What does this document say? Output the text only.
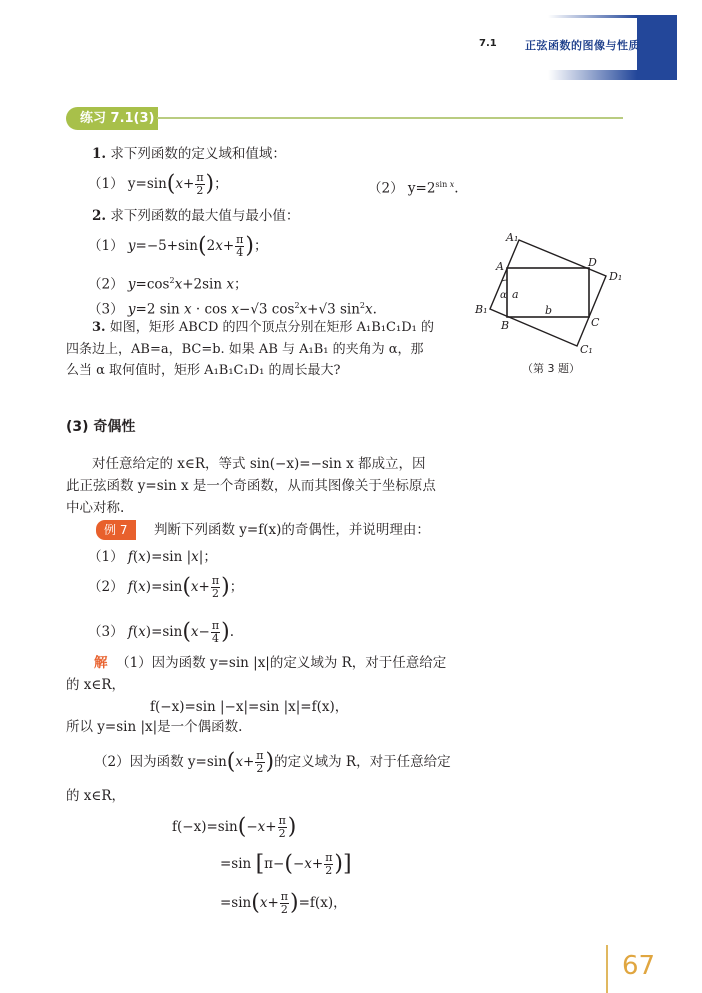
7.1	正弦函数的图像与性质
练习 7.1(3)
1. 求下列函数的定义域和值域：
（1） $y=\sin(x+ \frac{\pi}{2}$ )；	（2） $y=2^{sin x}$.
2. 求下列函数的最大值与最小值：
（1） $y=-5+\sin(2x+ \frac{\pi}{4}$ )；
（2） $y=\cos^2x+2\sin$ x；
（3） y=2 sin x · cos x−√3 $\cos^2x+√3$ $\sin^2x$.
3. 如图，矩形 ABCD 的四个顶点分别在矩形 A₁B₁C₁D₁ 的
四条边上，AB=a，BC=b. 如果 AB 与 A₁B₁ 的夹角为 α，那
么当 α 取何值时，矩形 A₁B₁C₁D₁ 的周长最大?
A₁
A	D
D₁
B₁
B	C
C₁
α a
b
（第 3 题）
(3) 奇偶性
对任意给定的 x∈R，等式 sin(−x)=−sin x 都成立，因
此正弦函数 y=sin x 是一个奇函数，从而其图像关于坐标原点
中心对称.
例 7	判断下列函数 y=f(x)的奇偶性，并说明理由：
（1） f(x)=sin |x|；
（2） $f(x)=\sin(x+ \frac{\pi}{2}$ )；
（3） $f(x)=\sin(x- \frac{\pi}{4}$ ).
解 （1）因为函数 y=sin |x|的定义域为 R，对于任意给定
的 x∈R，
f(−x)=sin |−x|=sin |x|=f(x)，
所以 y=sin |x|是一个偶函数.
（2）因为函数 $y=\sin(x+ \frac{\pi}{2}$ )的定义域为 R，对于任意给定
的 x∈R，
$f(-x)=\sin(-x+ \frac{\pi}{2}$ )
=sin [$\pi-(-x+ \frac{\pi}{2}$ )]
$=\sin(x+ \frac{\pi}{2} )=f(x)$，
67
